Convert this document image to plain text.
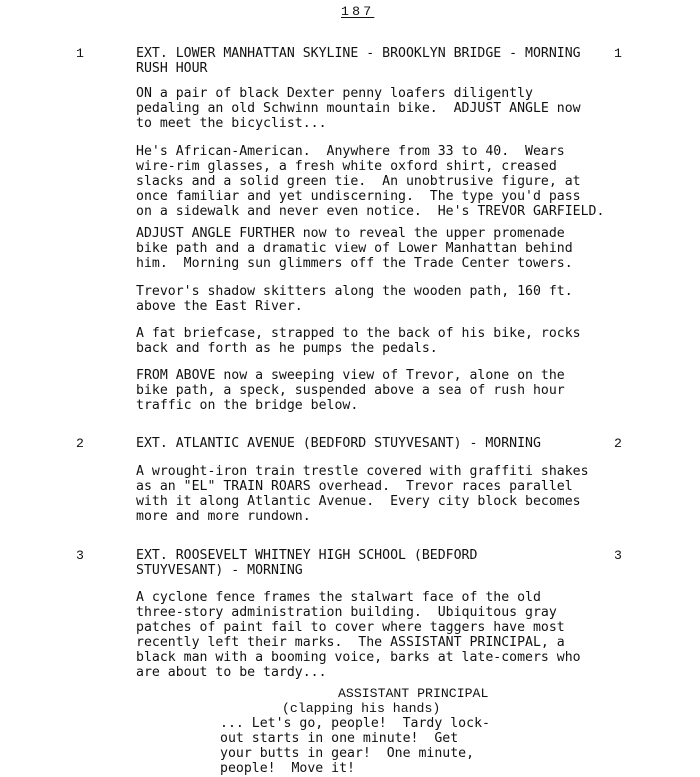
187
1	1
EXT. LOWER MANHATTAN SKYLINE - BROOKLYN BRIDGE - MORNING
RUSH HOUR
ON a pair of black Dexter penny loafers diligently
pedaling an old Schwinn mountain bike.  ADJUST ANGLE now
to meet the bicyclist...
He's African-American.  Anywhere from 33 to 40.  Wears
wire-rim glasses, a fresh white oxford shirt, creased
slacks and a solid green tie.  An unobtrusive figure, at
once familiar and yet undiscerning.  The type you'd pass
on a sidewalk and never even notice.  He's TREVOR GARFIELD.
ADJUST ANGLE FURTHER now to reveal the upper promenade
bike path and a dramatic view of Lower Manhattan behind
him.  Morning sun glimmers off the Trade Center towers.
Trevor's shadow skitters along the wooden path, 160 ft.
above the East River.
A fat briefcase, strapped to the back of his bike, rocks
back and forth as he pumps the pedals.
FROM ABOVE now a sweeping view of Trevor, alone on the
bike path, a speck, suspended above a sea of rush hour
traffic on the bridge below.
2	2
EXT. ATLANTIC AVENUE (BEDFORD STUYVESANT) - MORNING
A wrought-iron train trestle covered with graffiti shakes
as an "EL" TRAIN ROARS overhead.  Trevor races parallel
with it along Atlantic Avenue.  Every city block becomes
more and more rundown.
3	3
EXT. ROOSEVELT WHITNEY HIGH SCHOOL (BEDFORD
STUYVESANT) - MORNING
A cyclone fence frames the stalwart face of the old
three-story administration building.  Ubiquitous gray
patches of paint fail to cover where taggers have most
recently left their marks.  The ASSISTANT PRINCIPAL, a
black man with a booming voice, barks at late-comers who
are about to be tardy...
ASSISTANT PRINCIPAL
(clapping his hands)
... Let's go, people!  Tardy lock-
out starts in one minute!  Get
your butts in gear!  One minute,
people!  Move it!
